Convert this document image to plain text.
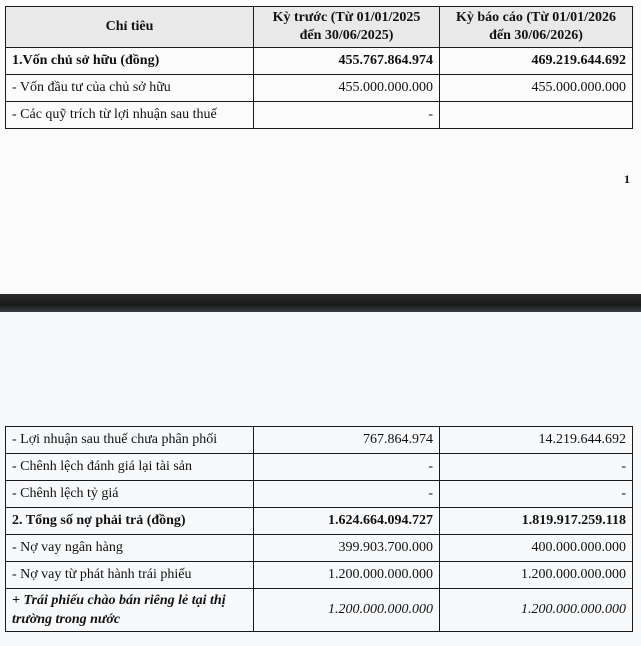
Chỉ tiêu	Kỳ trước (Từ 01/01/2025 đến 30/06/2025)	Kỳ báo cáo (Từ 01/01/2026 đến 30/06/2026)
1.Vốn chủ sở hữu (đồng)	455.767.864.974	469.219.644.692
- Vốn đầu tư của chủ sở hữu	455.000.000.000	455.000.000.000
- Các quỹ trích từ lợi nhuận sau thuế	-	
1
- Lợi nhuận sau thuế chưa phân phối	767.864.974	14.219.644.692
- Chênh lệch đánh giá lại tài sản	-	-
- Chênh lệch tỷ giá	-	-
2. Tổng số nợ phải trả (đồng)	1.624.664.094.727	1.819.917.259.118
- Nợ vay ngân hàng	399.903.700.000	400.000.000.000
- Nợ vay từ phát hành trái phiếu	1.200.000.000.000	1.200.000.000.000
+ Trái phiếu chào bán riêng lẻ tại thị trường trong nước	1.200.000.000.000	1.200.000.000.000
